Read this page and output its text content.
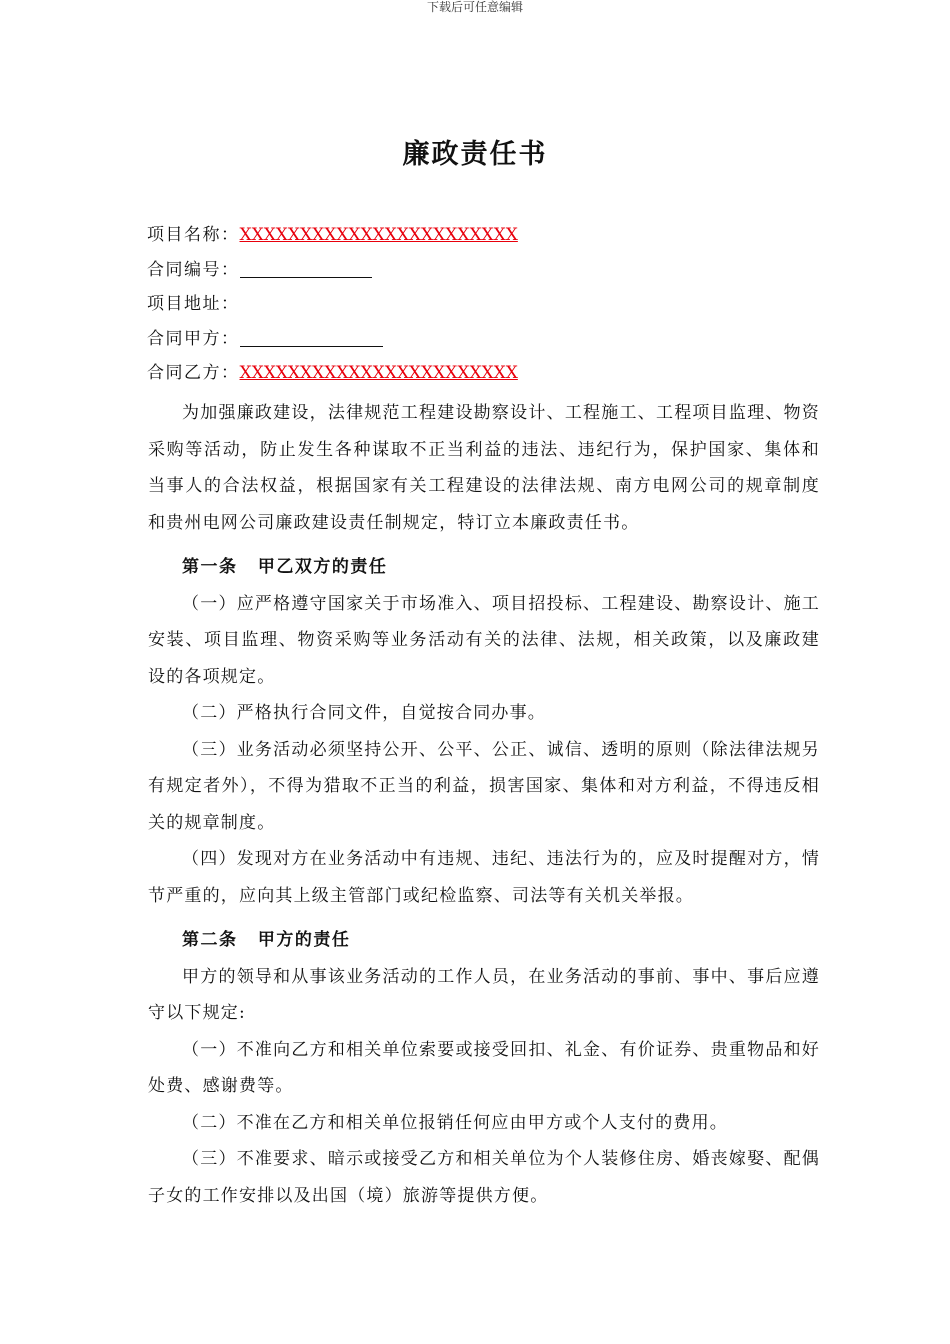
下载后可任意编辑
廉政责任书
项目名称：XXXXXXXXXXXXXXXXXXXXXXX
合同编号：
项目地址：
合同甲方：
合同乙方：XXXXXXXXXXXXXXXXXXXXXXX

为加强廉政建设，法律规范工程建设勘察设计、工程施工、工程项目监理、物资采购等活动，防止发生各种谋取不正当利益的违法、违纪行为，保护国家、集体和当事人的合法权益，根据国家有关工程建设的法律法规、南方电网公司的规章制度和贵州电网公司廉政建设责任制规定，特订立本廉政责任书。

第一条 甲乙双方的责任

（一）应严格遵守国家关于市场准入、项目招投标、工程建设、勘察设计、施工安装、项目监理、物资采购等业务活动有关的法律、法规，相关政策，以及廉政建设的各项规定。

（二）严格执行合同文件，自觉按合同办事。

（三）业务活动必须坚持公开、公平、公正、诚信、透明的原则（除法律法规另有规定者外），不得为猎取不正当的利益，损害国家、集体和对方利益，不得违反相关的规章制度。

（四）发现对方在业务活动中有违规、违纪、违法行为的，应及时提醒对方，情节严重的，应向其上级主管部门或纪检监察、司法等有关机关举报。

第二条 甲方的责任

甲方的领导和从事该业务活动的工作人员，在业务活动的事前、事中、事后应遵守以下规定:

（一）不准向乙方和相关单位索要或接受回扣、礼金、有价证券、贵重物品和好处费、感谢费等。

（二）不准在乙方和相关单位报销任何应由甲方或个人支付的费用。

（三）不准要求、暗示或接受乙方和相关单位为个人装修住房、婚丧嫁娶、配偶子女的工作安排以及出国（境）旅游等提供方便。
